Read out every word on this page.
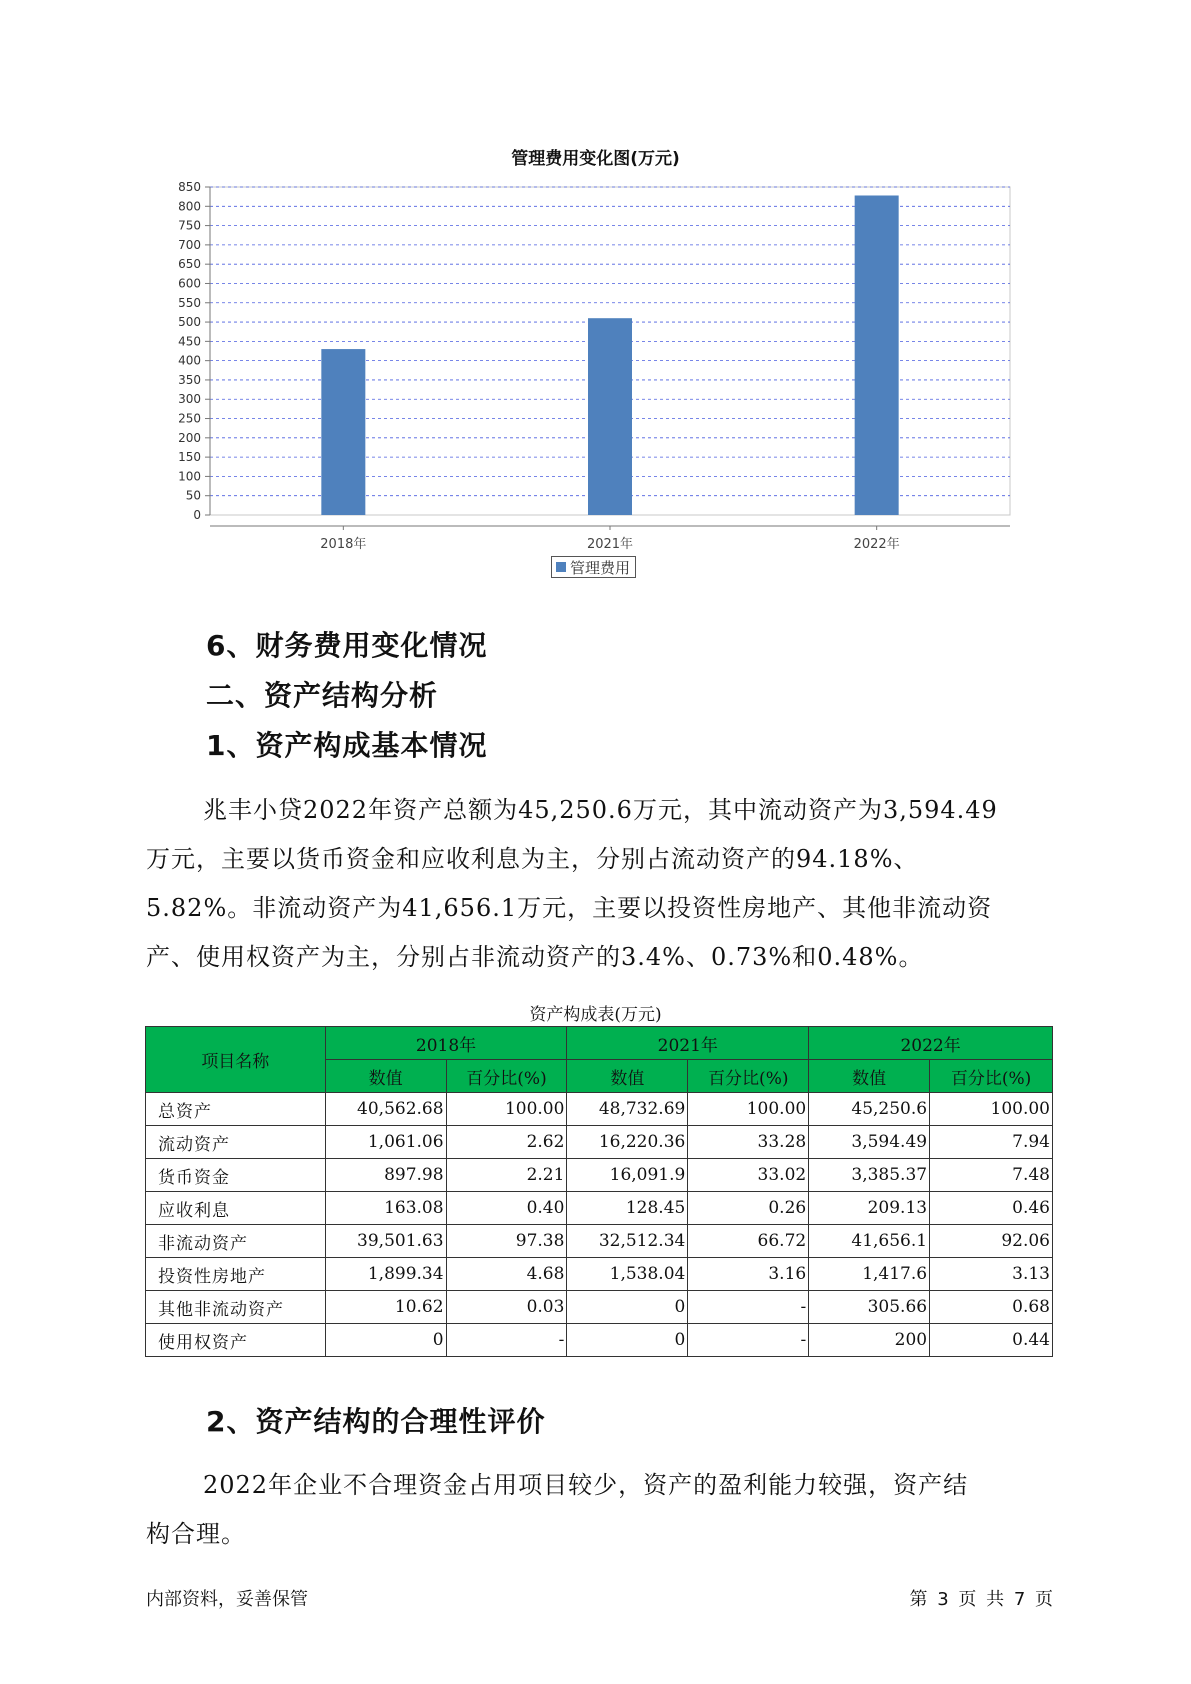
管理费用变化图(万元)
0
50
100
150
200
250
300
350
400
450
500
550
600
650
700
750
800
850
2018年	2021年	2022年
管理费用
6、财务费用变化情况
二、资产结构分析
1、资产构成基本情况
兆丰小贷2022年资产总额为45,250.6万元，其中流动资产为3,594.49
万元，主要以货币资金和应收利息为主，分别占流动资产的94.18%、
5.82%。非流动资产为41,656.1万元，主要以投资性房地产、其他非流动资
产、使用权资产为主，分别占非流动资产的3.4%、0.73%和0.48%。
资产构成表(万元)
项目名称	2018年		2021年		2022年	
	数值	百分比(%)	数值	百分比(%)	数值	百分比(%)
总资产	40,562.68	100.00	48,732.69	100.00	45,250.6	100.00
流动资产	1,061.06	2.62	16,220.36	33.28	3,594.49	7.94
货币资金	897.98	2.21	16,091.9	33.02	3,385.37	7.48
应收利息	163.08	0.40	128.45	0.26	209.13	0.46
非流动资产	39,501.63	97.38	32,512.34	66.72	41,656.1	92.06
投资性房地产	1,899.34	4.68	1,538.04	3.16	1,417.6	3.13
其他非流动资产	10.62	0.03	0	-	305.66	0.68
使用权资产	0	-	0	-	200	0.44
2、资产结构的合理性评价
2022年企业不合理资金占用项目较少，资产的盈利能力较强，资产结
构合理。
内部资料，妥善保管	第 3 页 共 7 页
